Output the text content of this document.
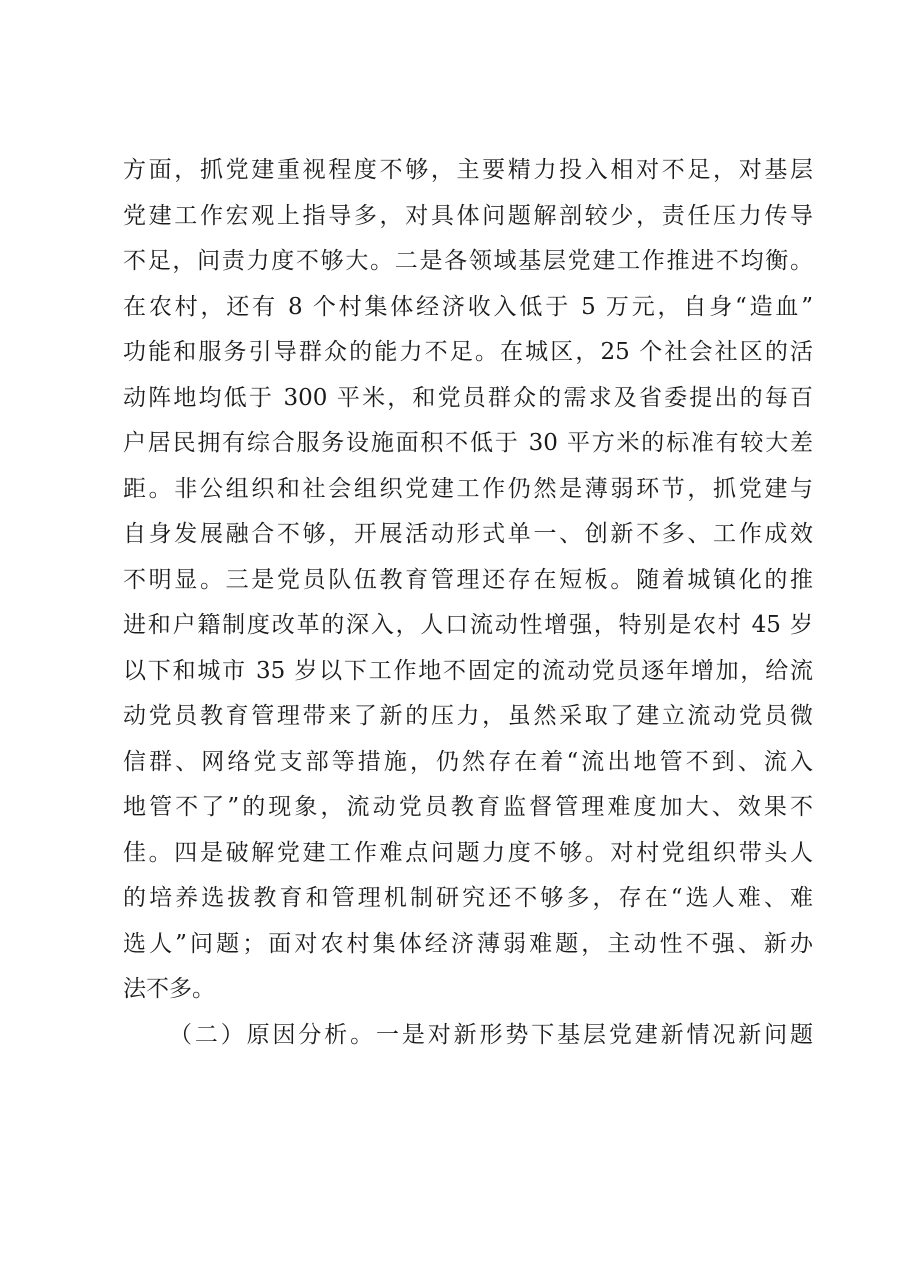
方面，抓党建重视程度不够，主要精力投入相对不足，对基层
党建工作宏观上指导多，对具体问题解剖较少，责任压力传导
不足，问责力度不够大。二是各领域基层党建工作推进不均衡。
在农村，还有 8 个村集体经济收入低于 5 万元，自身“造血”
功能和服务引导群众的能力不足。在城区，25 个社会社区的活
动阵地均低于 300 平米，和党员群众的需求及省委提出的每百
户居民拥有综合服务设施面积不低于 30 平方米的标准有较大差
距。非公组织和社会组织党建工作仍然是薄弱环节，抓党建与
自身发展融合不够，开展活动形式单一、创新不多、工作成效
不明显。三是党员队伍教育管理还存在短板。随着城镇化的推
进和户籍制度改革的深入，人口流动性增强，特别是农村 45 岁
以下和城市 35 岁以下工作地不固定的流动党员逐年增加，给流
动党员教育管理带来了新的压力，虽然采取了建立流动党员微
信群、网络党支部等措施，仍然存在着“流出地管不到、流入
地管不了”的现象，流动党员教育监督管理难度加大、效果不
佳。四是破解党建工作难点问题力度不够。对村党组织带头人
的培养选拔教育和管理机制研究还不够多，存在“选人难、难
选人”问题；面对农村集体经济薄弱难题，主动性不强、新办
法不多。
（二）原因分析。一是对新形势下基层党建新情况新问题
